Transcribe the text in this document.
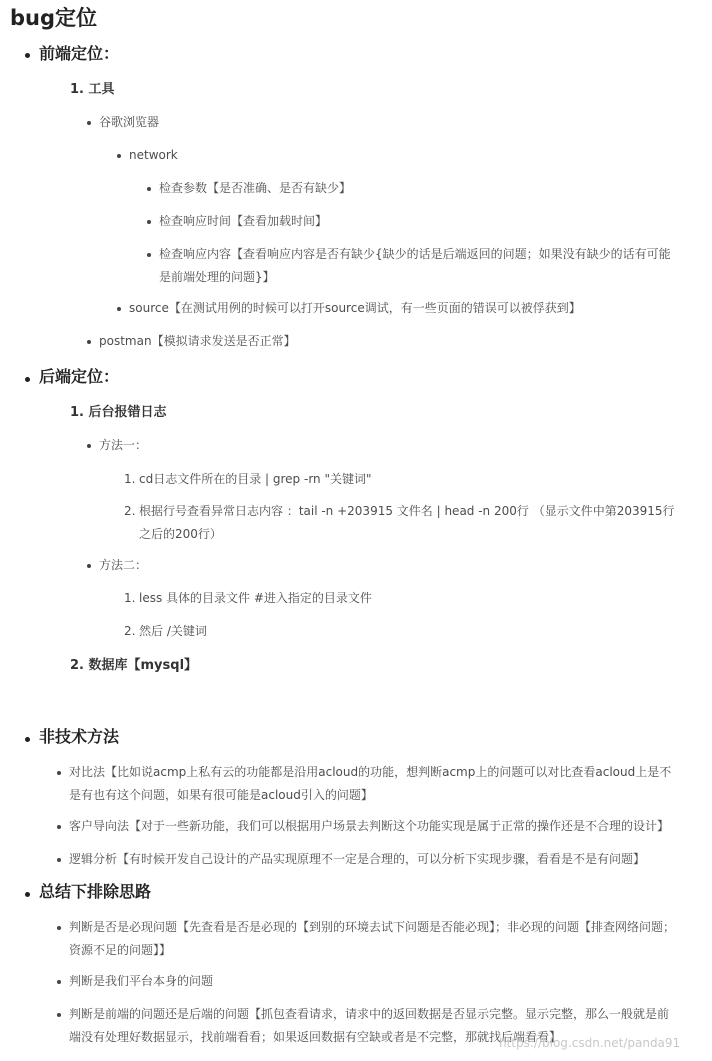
bug定位
前端定位：
1. 工具
谷歌浏览器
network
检查参数【是否准确、是否有缺少】
检查响应时间【查看加载时间】
检查响应内容【查看响应内容是否有缺少{缺少的话是后端返回的问题；如果没有缺少的话有可能是前端处理的问题}】
source【在测试用例的时候可以打开source调试，有一些页面的错误可以被俘获到】
postman【模拟请求发送是否正常】
后端定位：
1. 后台报错日志
方法一：
1. cd日志文件所在的目录 | grep -rn "关键词"
2. 根据行号查看异常日志内容 ：tail -n +203915 文件名 | head -n 200行 （显示文件中第203915行之后的200行）
方法二：
1. less 具体的目录文件 #进入指定的目录文件
2. 然后 /关键词
2. 数据库【mysql】
非技术方法
对比法【比如说acmp上私有云的功能都是沿用acloud的功能，想判断acmp上的问题可以对比查看acloud上是不是有也有这个问题，如果有很可能是acloud引入的问题】
客户导向法【对于一些新功能，我们可以根据用户场景去判断这个功能实现是属于正常的操作还是不合理的设计】
逻辑分析【有时候开发自己设计的产品实现原理不一定是合理的，可以分析下实现步骤，看看是不是有问题】
总结下排除思路
判断是否是必现问题【先查看是否是必现的【到别的环境去试下问题是否能必现】；非必现的问题【排查网络问题；资源不足的问题】】
判断是我们平台本身的问题
判断是前端的问题还是后端的问题【抓包查看请求，请求中的返回数据是否显示完整。显示完整，那么一般就是前端没有处理好数据显示，找前端看看；如果返回数据有空缺或者是不完整，那就找后端看看】
https://blog.csdn.net/panda91
